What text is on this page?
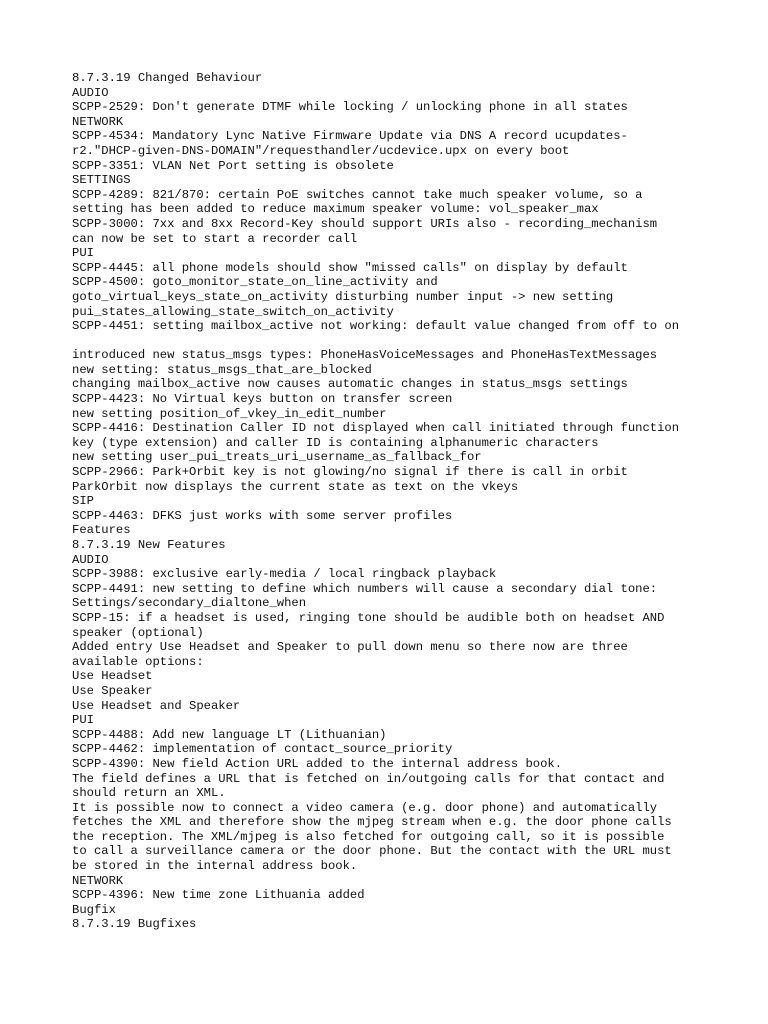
8.7.3.19 Changed Behaviour
AUDIO
SCPP-2529: Don't generate DTMF while locking / unlocking phone in all states
NETWORK
SCPP-4534: Mandatory Lync Native Firmware Update via DNS A record ucupdates-
r2."DHCP-given-DNS-DOMAIN"/requesthandler/ucdevice.upx on every boot
SCPP-3351: VLAN Net Port setting is obsolete
SETTINGS
SCPP-4289: 821/870: certain PoE switches cannot take much speaker volume, so a
setting has been added to reduce maximum speaker volume: vol_speaker_max
SCPP-3000: 7xx and 8xx Record-Key should support URIs also - recording_mechanism
can now be set to start a recorder call
PUI
SCPP-4445: all phone models should show "missed calls" on display by default
SCPP-4500: goto_monitor_state_on_line_activity and
goto_virtual_keys_state_on_activity disturbing number input -> new setting
pui_states_allowing_state_switch_on_activity
SCPP-4451: setting mailbox_active not working: default value changed from off to on
introduced new status_msgs types: PhoneHasVoiceMessages and PhoneHasTextMessages
new setting: status_msgs_that_are_blocked
changing mailbox_active now causes automatic changes in status_msgs settings
SCPP-4423: No Virtual keys button on transfer screen
new setting position_of_vkey_in_edit_number
SCPP-4416: Destination Caller ID not displayed when call initiated through function
key (type extension) and caller ID is containing alphanumeric characters
new setting user_pui_treats_uri_username_as_fallback_for
SCPP-2966: Park+Orbit key is not glowing/no signal if there is call in orbit
ParkOrbit now displays the current state as text on the vkeys
SIP
SCPP-4463: DFKS just works with some server profiles
Features
8.7.3.19 New Features
AUDIO
SCPP-3988: exclusive early-media / local ringback playback
SCPP-4491: new setting to define which numbers will cause a secondary dial tone:
Settings/secondary_dialtone_when
SCPP-15: if a headset is used, ringing tone should be audible both on headset AND
speaker (optional)
Added entry Use Headset and Speaker to pull down menu so there now are three
available options:
Use Headset
Use Speaker
Use Headset and Speaker
PUI
SCPP-4488: Add new language LT (Lithuanian)
SCPP-4462: implementation of contact_source_priority
SCPP-4390: New field Action URL added to the internal address book.
The field defines a URL that is fetched on in/outgoing calls for that contact and
should return an XML.
It is possible now to connect a video camera (e.g. door phone) and automatically
fetches the XML and therefore show the mjpeg stream when e.g. the door phone calls
the reception. The XML/mjpeg is also fetched for outgoing call, so it is possible
to call a surveillance camera or the door phone. But the contact with the URL must
be stored in the internal address book.
NETWORK
SCPP-4396: New time zone Lithuania added
Bugfix
8.7.3.19 Bugfixes
